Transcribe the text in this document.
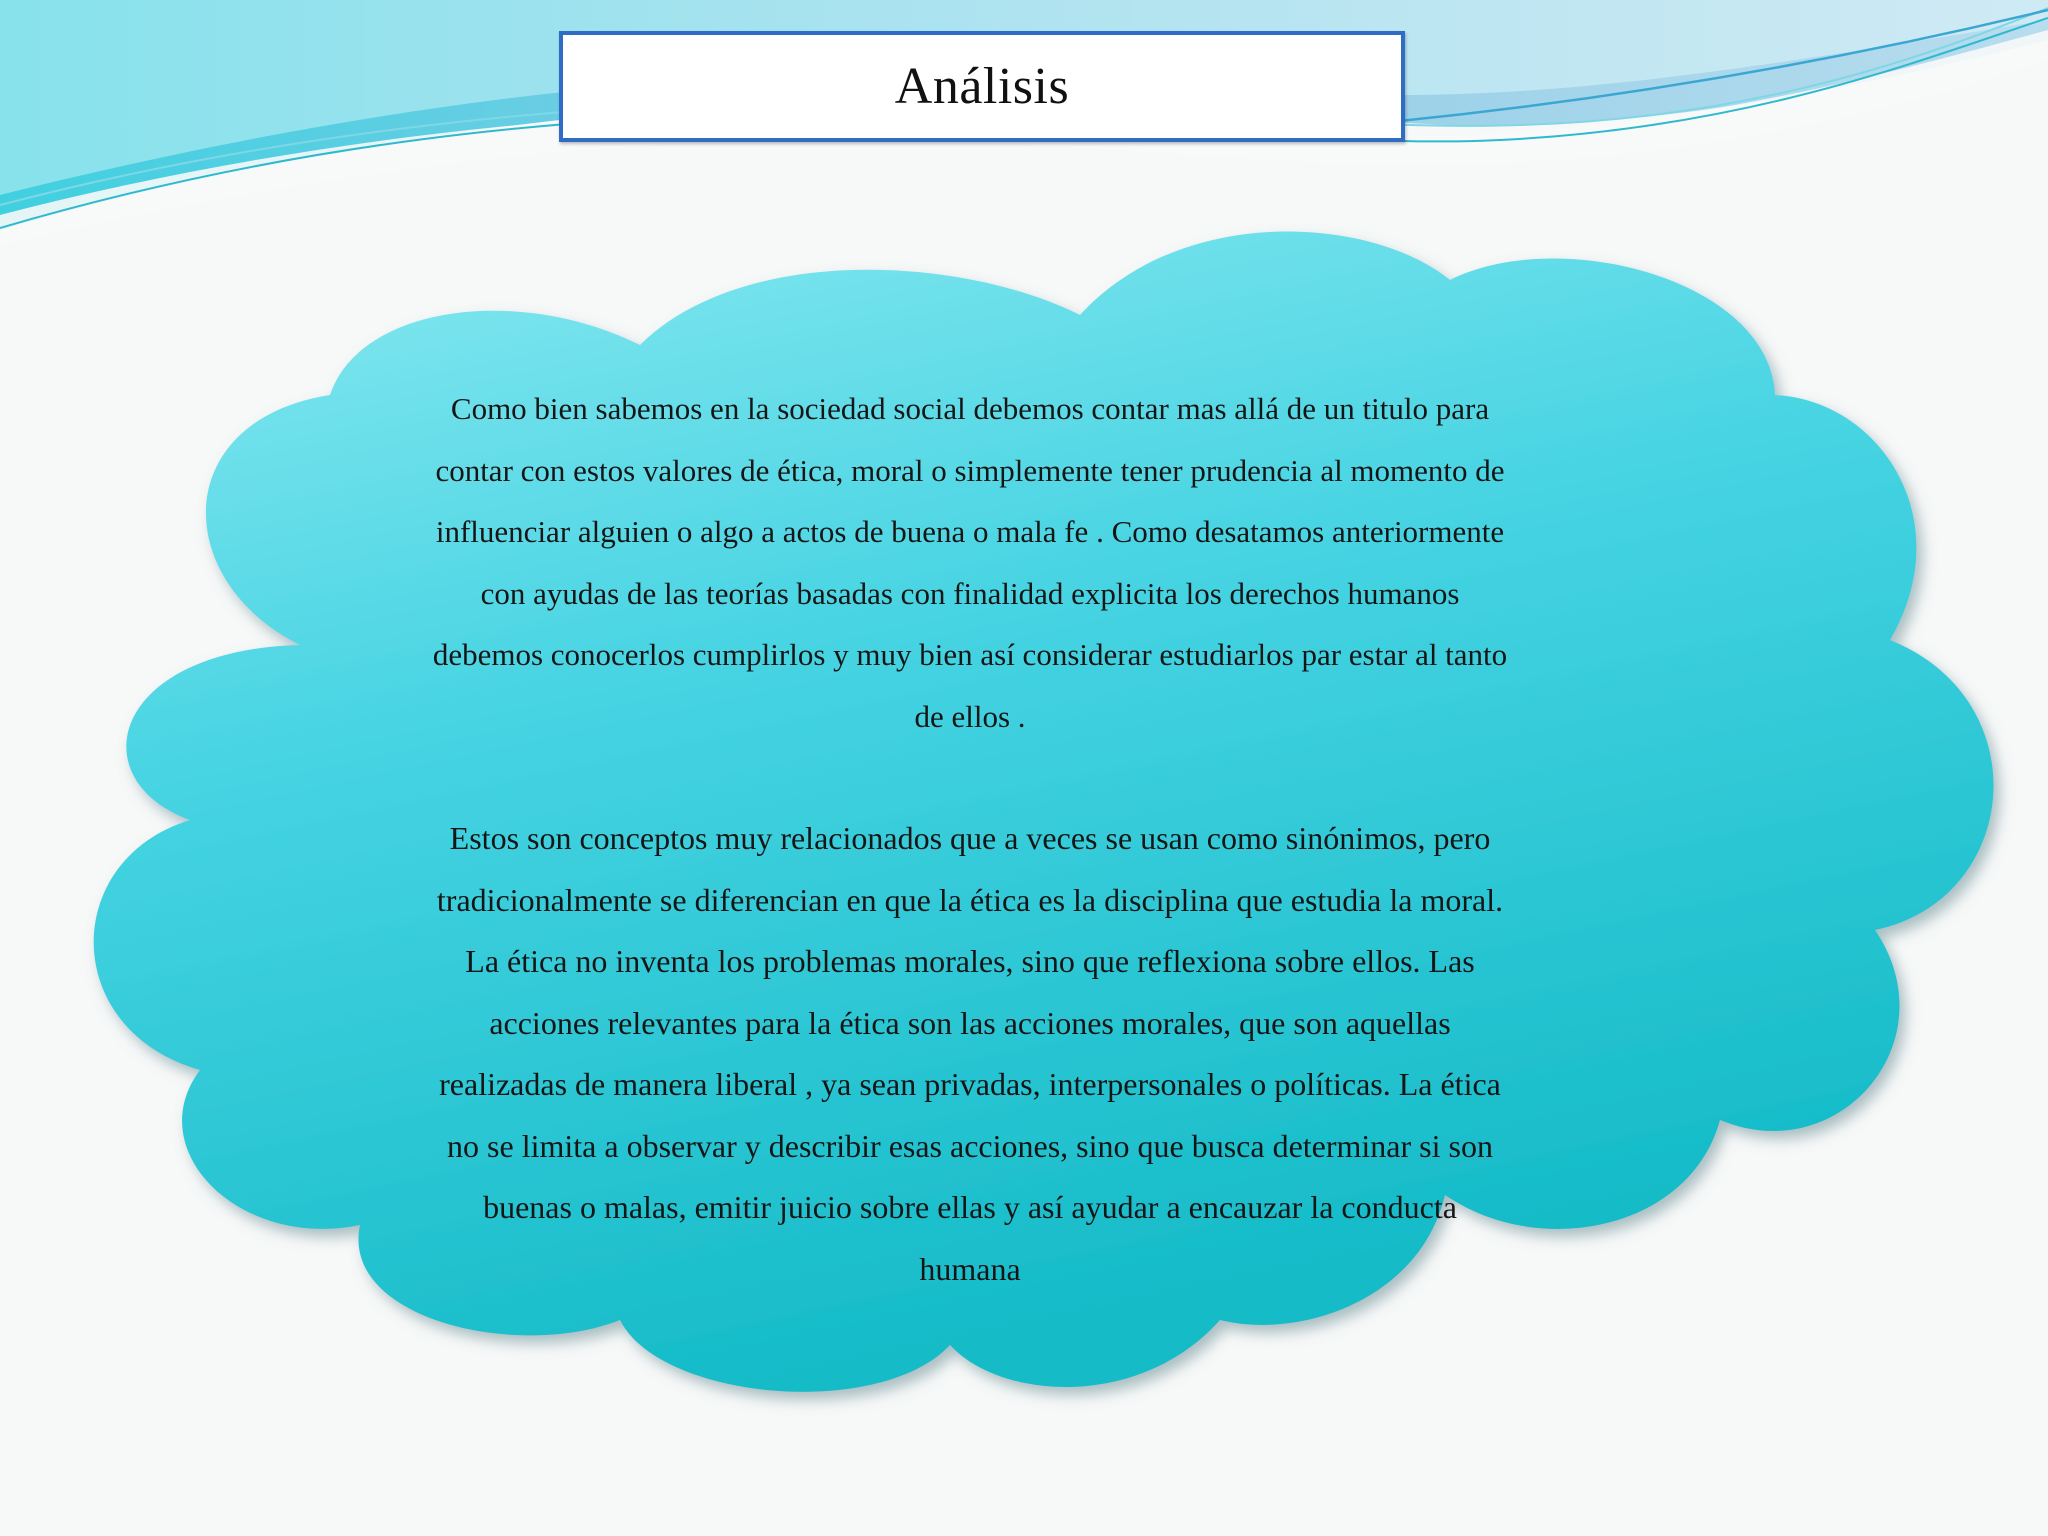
Análisis
Como bien sabemos en la sociedad social debemos contar mas allá de un titulo para
contar con estos valores de ética, moral o simplemente tener prudencia al momento de
influenciar alguien o algo a actos de buena o mala fe . Como desatamos anteriormente
con ayudas de las teorías basadas con finalidad explicita los derechos humanos
debemos conocerlos cumplirlos y muy bien así considerar estudiarlos par estar al tanto
de ellos .
Estos son conceptos muy relacionados que a veces se usan como sinónimos, pero
tradicionalmente se diferencian en que la ética es la disciplina que estudia la moral.
La ética no inventa los problemas morales, sino que reflexiona sobre ellos. Las
acciones relevantes para la ética son las acciones morales, que son aquellas
realizadas de manera liberal , ya sean privadas, interpersonales o políticas. La ética
no se limita a observar y describir esas acciones, sino que busca determinar si son
buenas o malas, emitir juicio sobre ellas y así ayudar a encauzar la conducta
humana
